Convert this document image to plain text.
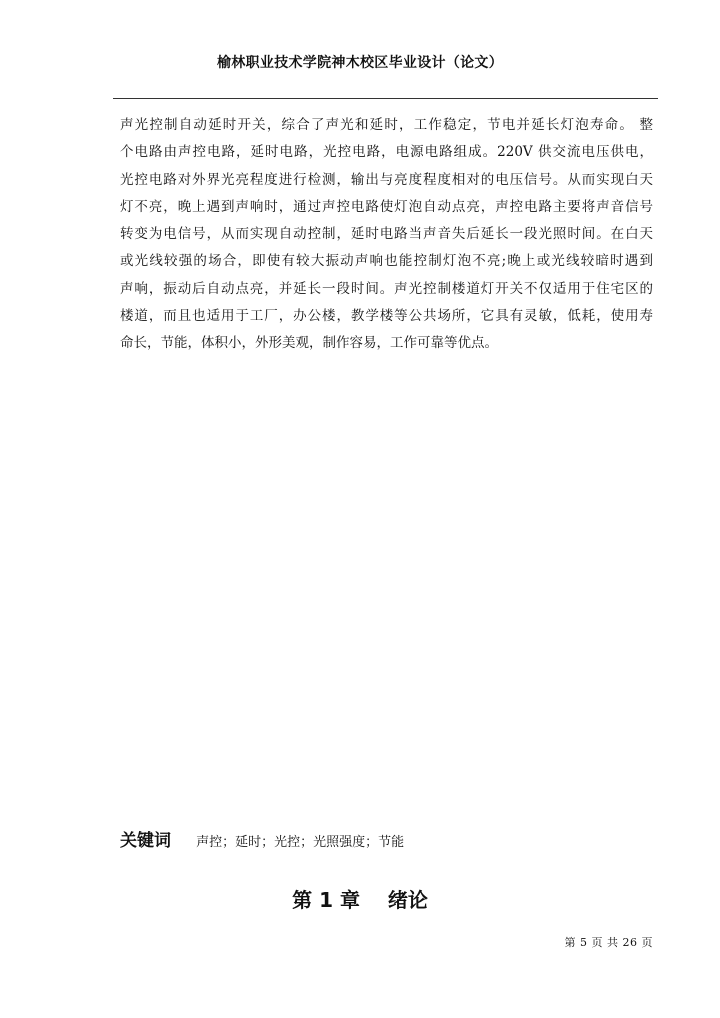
榆林职业技术学院神木校区毕业设计（论文）
声光控制自动延时开关，综合了声光和延时，工作稳定，节电并延长灯泡寿命。 整
个电路由声控电路，延时电路，光控电路，电源电路组成。220V 供交流电压供电，
光控电路对外界光亮程度进行检测，输出与亮度程度相对的电压信号。从而实现白天
灯不亮，晚上遇到声响时，通过声控电路使灯泡自动点亮，声控电路主要将声音信号
转变为电信号，从而实现自动控制，延时电路当声音失后延长一段光照时间。在白天
或光线较强的场合，即使有较大振动声响也能控制灯泡不亮;晚上或光线较暗时遇到
声响，振动后自动点亮，并延长一段时间。声光控制楼道灯开关不仅适用于住宅区的
楼道，而且也适用于工厂，办公楼，教学楼等公共场所，它具有灵敏，低耗，使用寿
命长，节能，体积小，外形美观，制作容易，工作可靠等优点。
关键词 声控；延时；光控；光照强度；节能
第 1 章    绪论
第 5 页 共 26 页
